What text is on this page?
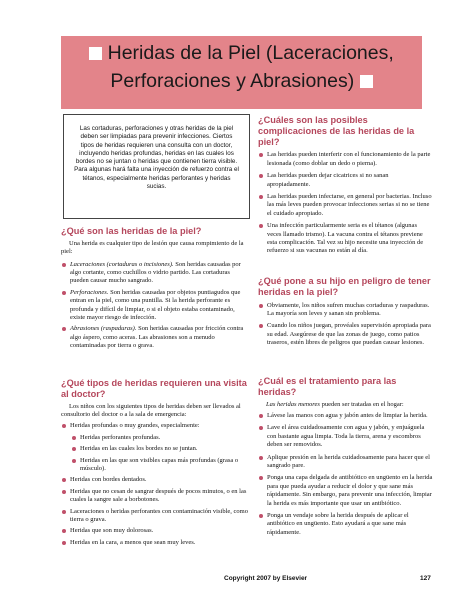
Heridas de la Piel (Laceraciones,
Perforaciones y Abrasiones)
Las cortaduras, perforaciones y otras heridas de la piel deben ser limpiadas para prevenir infecciones. Ciertos tipos de heridas requieren una consulta con un doctor, incluyendo heridas profundas, heridas en las cuales los bordes no se juntan o heridas que contienen tierra visible. Para algunas hará falta una inyección de refuerzo contra el tétanos, especialmente heridas perforantes y heridas sucias.
¿Qué son las heridas de la piel?

Una herida es cualquier tipo de lesión que causa rompimiento de la piel:

Laceraciones (cortaduras o incisiones). Son heridas causadas por algo cortante, como cuchillos o vidrio partido. Las cortaduras pueden causar mucho sangrado.
Perforaciones. Son heridas causadas por objetos puntiagudos que entran en la piel, como una puntilla. Si la herida perforante es profunda y difícil de limpiar, o si el objeto estaba contaminado, existe mayor riesgo de infección.
Abrasiones (raspaduras). Son heridas causadas por fricción contra algo áspero, como aceras. Las abrasiones son a menudo contaminadas por tierra o grava.
¿Qué tipos de heridas requieren una visita al doctor?

Los niños con los siguientes tipos de heridas deben ser llevados al consultorio del doctor o a la sala de emergencia:

Heridas profundas o muy grandes, especialmente:
Heridas perforantes profundas.
Heridas en las cuales los bordes no se juntan.
Heridas en las que son visibles capas más profundas (grasa o músculo).
Heridas con bordes dentados.
Heridas que no cesan de sangrar después de pocos minutos, o en las cuales la sangre sale a borbotones.
Laceraciones o heridas perforantes con contaminación visible, como tierra o grava.
Heridas que son muy dolorosas.
Heridas en la cara, a menos que sean muy leves.
¿Cuáles son las posibles complicaciones de las heridas de la piel?
Las heridas pueden interferir con el funcionamiento de la parte lesionada (como doblar un dedo o pierna).
Las heridas pueden dejar cicatrices si no sanan apropiadamente.
Las heridas pueden infectarse, en general por bacterias. Incluso las más leves pueden provocar infecciones serias si no se tiene el cuidado apropiado.
Una infección particularmente seria es el tétanos (algunas veces llamado trismo). La vacuna contra el tétanos previene esta complicación. Tal vez su hijo necesite una inyección de refuerzo si sus vacunas no están al día.
¿Qué pone a su hijo en peligro de tener heridas en la piel?
Obviamente, los niños sufren muchas cortaduras y raspaduras. La mayoría son leves y sanan sin problema.
Cuando los niños juegan, provéales supervisión apropiada para su edad. Asegúrese de que las zonas de juego, como patios traseros, estén libres de peligros que puedan causar lesiones.
¿Cuál es el tratamiento para las heridas?

Las heridas menores pueden ser tratadas en el hogar:

Lávese las manos con agua y jabón antes de limpiar la herida.
Lave el área cuidadosamente con agua y jabón, y enjuáguela con bastante agua limpia. Toda la tierra, arena y escombros deben ser removidos.
Aplique presión en la herida cuidadosamente para hacer que el sangrado pare.
Ponga una capa delgada de antibiótico en ungüento en la herida para que pueda ayudar a reducir el dolor y que sane más rápidamente. Sin embargo, para prevenir una infección, limpiar la herida es más importante que usar un antibiótico.
Ponga un vendaje sobre la herida después de aplicar el antibiótico en ungüento. Esto ayudará a que sane más rápidamente.
Copyright 2007 by Elsevier	127
